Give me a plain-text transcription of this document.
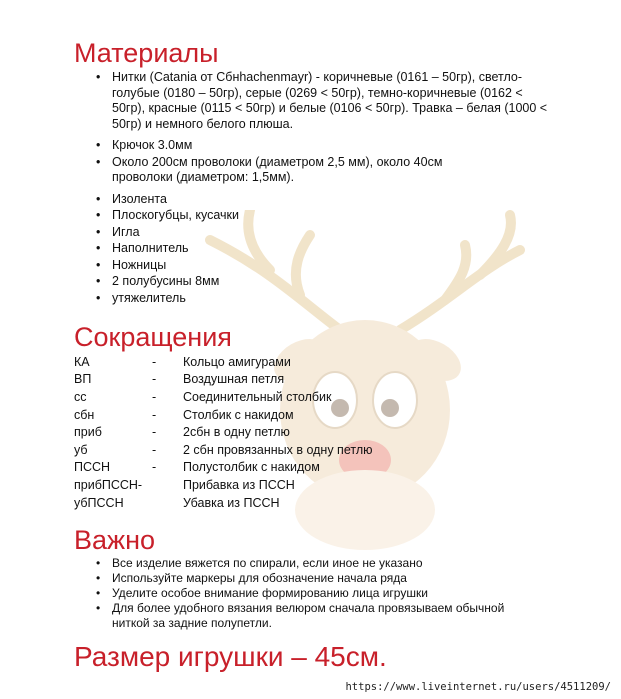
Материалы
• Нитки (Catania от Сбнhachenmayr) - коричневые (0161 – 50гр), светло-голубые (0180 – 50гр), серые (0269 < 50гр), темно-коричневые (0162 < 50гр), красные (0115 < 50гр) и белые (0106 < 50гр). Травка – белая (1000 < 50гр) и немного белого плюша.
• Крючок 3.0мм
• Около 200см проволоки (диаметром 2,5 мм), около 40см проволоки (диаметром: 1,5мм).
• Изолента
• Плоскогубцы, кусачки
• Игла
• Наполнитель
• Ножницы
• 2 полубусины 8мм
• утяжелитель
Сокращения
КА	-	Кольцо амигурами
ВП	-	Воздушная петля
сс	-	Соединительный столбик
сбн	-	Столбик с накидом
приб	-	2сбн в одну петлю
уб	-	2 сбн провязанных в одну петлю
ПССН	-	Полустолбик с накидом
прибПССН-		Прибавка из ПССН
убПССН		Убавка из ПССН
Важно
• Все изделие вяжется по спирали, если иное не указано
• Используйте маркеры для обозначение начала ряда
• Уделите особое внимание формированию лица игрушки
• Для более удобного вязания велюром сначала провязываем обычной ниткой за задние полупетли.
Размер игрушки – 45см.
https://www.liveinternet.ru/users/4511209/
